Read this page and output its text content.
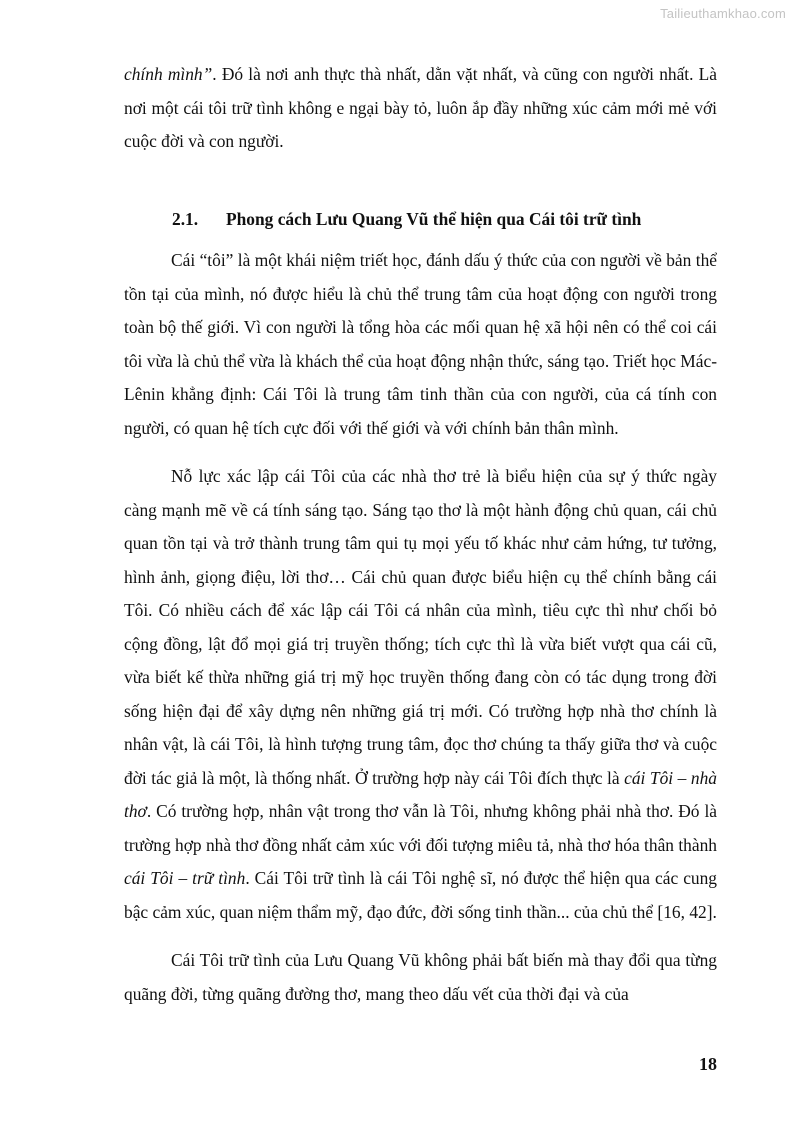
Tailieuthamkhao.com

chính mình”. Đó là nơi anh thực thà nhất, dằn vặt nhất, và cũng con người nhất. Là nơi một cái tôi trữ tình không e ngại bày tỏ, luôn ắp đầy những xúc cảm mới mẻ với cuộc đời và con người.

2.1. Phong cách Lưu Quang Vũ thể hiện qua Cái tôi trữ tình

Cái “tôi” là một khái niệm triết học, đánh dấu ý thức của con người về bản thể tồn tại của mình, nó được hiểu là chủ thể trung tâm của hoạt động con người trong toàn bộ thế giới. Vì con người là tổng hòa các mối quan hệ xã hội nên có thể coi cái tôi vừa là chủ thể vừa là khách thể của hoạt động nhận thức, sáng tạo. Triết học Mác-Lênin khẳng định: Cái Tôi là trung tâm tinh thần của con người, của cá tính con người, có quan hệ tích cực đối với thế giới và với chính bản thân mình.

Nỗ lực xác lập cái Tôi của các nhà thơ trẻ là biểu hiện của sự ý thức ngày càng mạnh mẽ về cá tính sáng tạo. Sáng tạo thơ là một hành động chủ quan, cái chủ quan tồn tại và trở thành trung tâm qui tụ mọi yếu tố khác như cảm hứng, tư tưởng, hình ảnh, giọng điệu, lời thơ… Cái chủ quan được biểu hiện cụ thể chính bằng cái Tôi. Có nhiều cách để xác lập cái Tôi cá nhân của mình, tiêu cực thì như chối bỏ cộng đồng, lật đổ mọi giá trị truyền thống; tích cực thì là vừa biết vượt qua cái cũ, vừa biết kế thừa những giá trị mỹ học truyền thống đang còn có tác dụng trong đời sống hiện đại để xây dựng nên những giá trị mới. Có trường hợp nhà thơ chính là nhân vật, là cái Tôi, là hình tượng trung tâm, đọc thơ chúng ta thấy giữa thơ và cuộc đời tác giả là một, là thống nhất. Ở trường hợp này cái Tôi đích thực là cái Tôi – nhà thơ. Có trường hợp, nhân vật trong thơ vẫn là Tôi, nhưng không phải nhà thơ. Đó là trường hợp nhà thơ đồng nhất cảm xúc với đối tượng miêu tả, nhà thơ hóa thân thành cái Tôi – trữ tình. Cái Tôi trữ tình là cái Tôi nghệ sĩ, nó được thể hiện qua các cung bậc cảm xúc, quan niệm thẩm mỹ, đạo đức, đời sống tinh thần... của chủ thể [16, 42].

Cái Tôi trữ tình của Lưu Quang Vũ không phải bất biến mà thay đổi qua từng quãng đời, từng quãng đường thơ, mang theo dấu vết của thời đại và của

18
